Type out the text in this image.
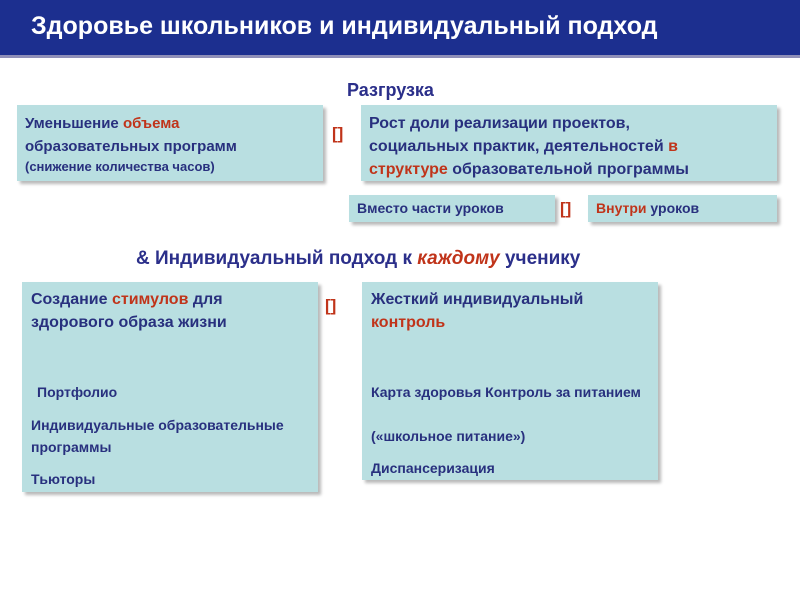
Здоровье школьников и индивидуальный подход
Разгрузка
Уменьшение объема
образовательных программ
(снижение количества часов)
[]
Рост доли реализации проектов,
социальных практик, деятельностей в
структуре образовательной программы
Вместо части уроков	[]	Внутри уроков
& Индивидуальный подход к каждому ученику
Создание стимулов для
здорового образа жизни
Портфолио
Индивидуальные образовательные программы
Тьюторы
[]	Жесткий индивидуальный
контроль
Карта здоровья Контроль за питанием
(«школьное питание»)
Диспансеризация
